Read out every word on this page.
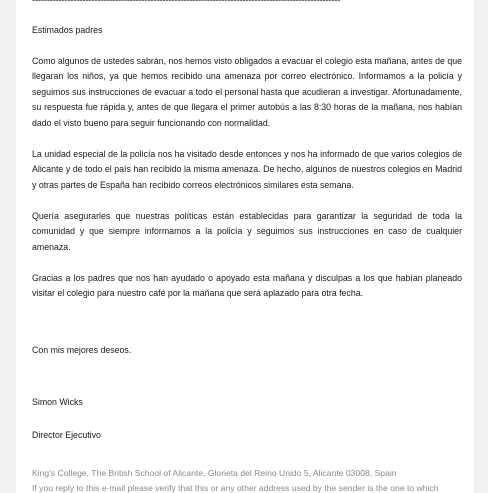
--------------------------------------------------------------------------------------------------------
Estimados padres

Como algunos de ustedes sabrán, nos hemos visto obligados a evacuar el colegio esta mañana, antes de que llegaran los niños, ya que hemos recibido una amenaza por correo electrónico. Informamos a la policía y seguimos sus instrucciones de evacuar a todo el personal hasta que acudieran a investigar. Afortunadamente, su respuesta fue rápida y, antes de que llegara el primer autobús a las 8:30 horas de la mañana, nos habían dado el visto bueno para seguir funcionando con normalidad.

La unidad especial de la policía nos ha visitado desde entonces y nos ha informado de que varios colegios de Alicante y de todo el país han recibido la misma amenaza. De hecho, algunos de nuestros colegios en Madrid y otras partes de España han recibido correos electrónicos similares esta semana.

Quería asegurarles que nuestras políticas están establecidas para garantizar la seguridad de toda la comunidad y que siempre informamos a la policía y seguimos sus instrucciones en caso de cualquier amenaza.

Gracias a los padres que nos han ayudado o apoyado esta mañana y disculpas a los que habían planeado visitar el colegio para nuestro café por la mañana que será aplazado para otra fecha.

Con mis mejores deseos.
Simon Wicks
Director Ejecutivo
King's College, The British School of Alicante, Glorieta del Reino Unido 5, Alicante 03008, Spain
If you reply to this e-mail please verify that this or any other address used by the sender is the one to which
